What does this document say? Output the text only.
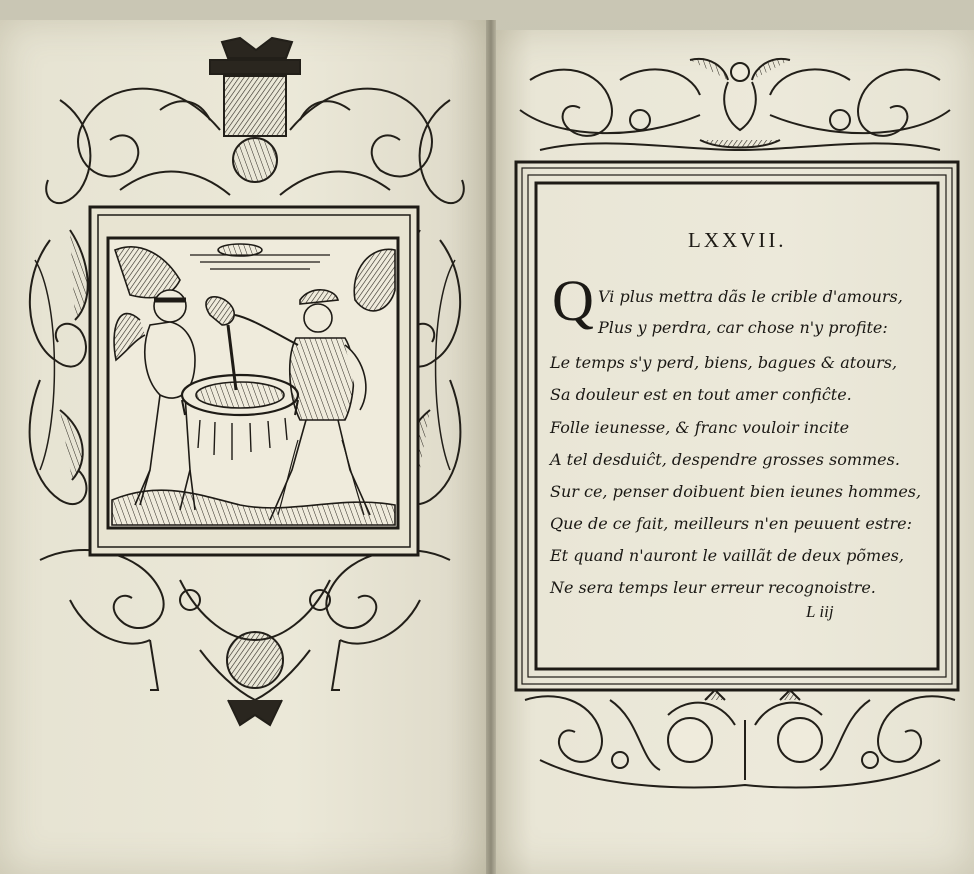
LXXVII.
Q Vi plus mettra dãs le crible d'amours,
Plus y perdra, car chose n'y profite:
Le temps s'y perd, biens, bagues & atours,
Sa douleur est en tout amer confiĉte.
Folle ieunesse, & franc vouloir incite
A tel desduiĉt, despendre grosses sommes.
Sur ce, penser doibuent bien ieunes hommes,
Que de ce fait, meilleurs n'en peuuent estre:
Et quand n'auront le vaillãt de deux põmes,
Ne sera temps leur erreur recognoistre.
L iij
